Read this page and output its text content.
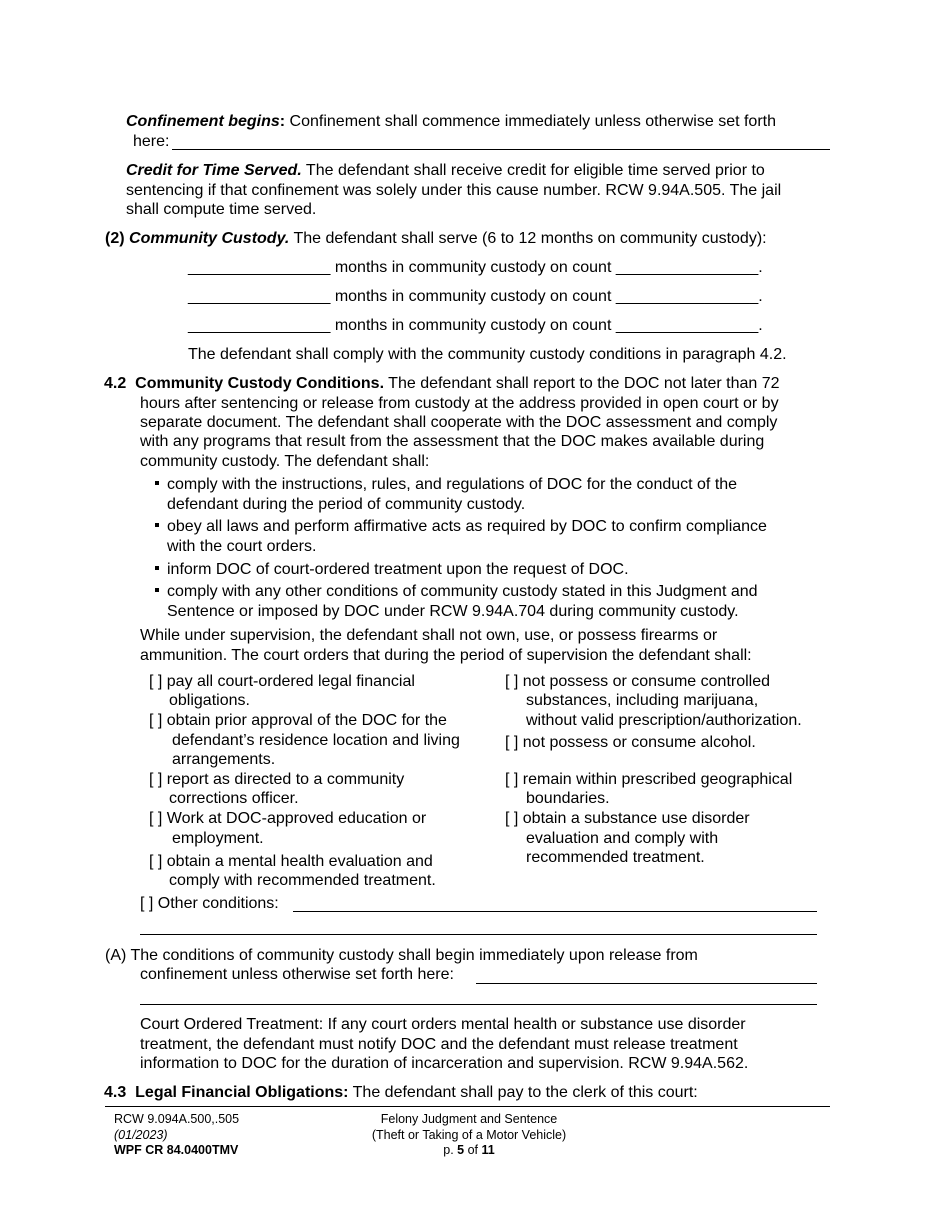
Confinement begins: Confinement shall commence immediately unless otherwise set forth
here:
Credit for Time Served. The defendant shall receive credit for eligible time served prior to
sentencing if that confinement was solely under this cause number. RCW 9.94A.505. The jail
shall compute time served.
(2) Community Custody. The defendant shall serve (6 to 12 months on community custody):
________________ months in community custody on count ________________.
________________ months in community custody on count ________________.
________________ months in community custody on count ________________.
The defendant shall comply with the community custody conditions in paragraph 4.2.
4.2 Community Custody Conditions. The defendant shall report to the DOC not later than 72
hours after sentencing or release from custody at the address provided in open court or by
separate document. The defendant shall cooperate with the DOC assessment and comply
with any programs that result from the assessment that the DOC makes available during
community custody. The defendant shall:
comply with the instructions, rules, and regulations of DOC for the conduct of the
defendant during the period of community custody.
obey all laws and perform affirmative acts as required by DOC to confirm compliance
with the court orders.
inform DOC of court-ordered treatment upon the request of DOC.
comply with any other conditions of community custody stated in this Judgment and
Sentence or imposed by DOC under RCW 9.94A.704 during community custody.
While under supervision, the defendant shall not own, use, or possess firearms or
ammunition. The court orders that during the period of supervision the defendant shall:
[ ] pay all court-ordered legal financial
obligations.
[ ] obtain prior approval of the DOC for the
defendant’s residence location and living
arrangements.
[ ] report as directed to a community
corrections officer.
[ ] Work at DOC-approved education or
employment.
[ ] obtain a mental health evaluation and
comply with recommended treatment.
[ ] not possess or consume controlled
substances, including marijuana,
without valid prescription/authorization.
[ ] not possess or consume alcohol.
[ ] remain within prescribed geographical
boundaries.
[ ] obtain a substance use disorder
evaluation and comply with
recommended treatment.
[ ] Other conditions:
(A) The conditions of community custody shall begin immediately upon release from
confinement unless otherwise set forth here:
Court Ordered Treatment: If any court orders mental health or substance use disorder
treatment, the defendant must notify DOC and the defendant must release treatment
information to DOC for the duration of incarceration and supervision. RCW 9.94A.562.
4.3 Legal Financial Obligations: The defendant shall pay to the clerk of this court:
RCW 9.094A.500,.505
(01/2023)
WPF CR 84.0400TMV
Felony Judgment and Sentence
(Theft or Taking of a Motor Vehicle)
p. 5 of 11
